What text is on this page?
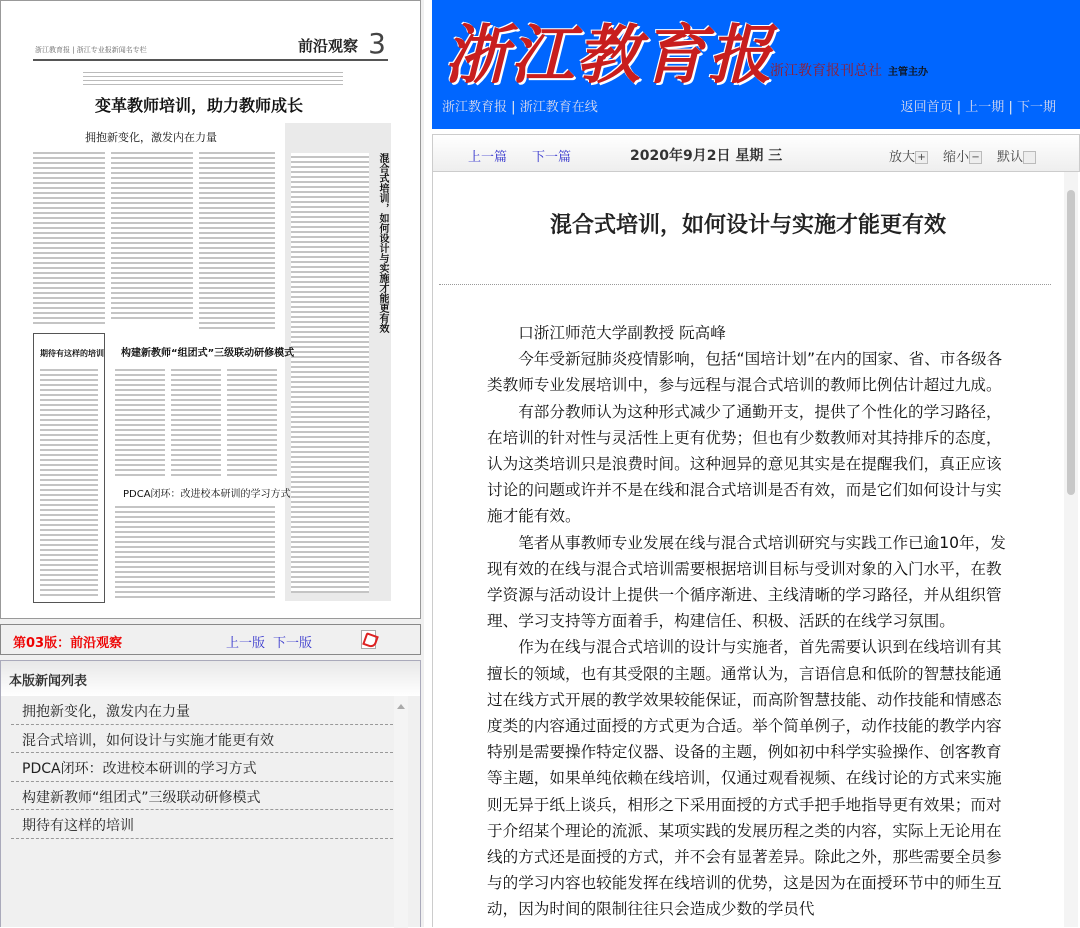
浙江教育报 | 浙江专业报新闻名专栏	前沿观察 3
变革教师培训，助力教师成长
拥抱新变化，激发内在力量
混合式培训，如何设计与实施才能更有效
期待有这样的培训 构建新教师“组团式”三级联动研修模式
PDCA闭环：改进校本研训的学习方式
第03版：前沿观察	上一版 下一版
本版新闻列表
拥抱新变化，激发内在力量
混合式培训，如何设计与实施才能更有效
PDCA闭环：改进校本研训的学习方式
构建新教师“组团式”三级联动研修模式
期待有这样的培训
浙江教育报
浙江教育报刊总社 主管主办
浙江教育报 | 浙江教育在线	返回首页 | 上一期 | 下一期
上一篇 下一篇	2020年9月2日 星期 三	放大 + 缩小 − 默认
混合式培训，如何设计与实施才能更有效

口浙江师范大学副教授 阮高峰

今年受新冠肺炎疫情影响，包括“国培计划”在内的国家、省、市各级各类教师专业发展培训中，参与远程与混合式培训的教师比例估计超过九成。

有部分教师认为这种形式减少了通勤开支，提供了个性化的学习路径，在培训的针对性与灵活性上更有优势；但也有少数教师对其持排斥的态度，认为这类培训只是浪费时间。这种迥异的意见其实是在提醒我们，真正应该讨论的问题或许并不是在线和混合式培训是否有效，而是它们如何设计与实施才能有效。

笔者从事教师专业发展在线与混合式培训研究与实践工作已逾10年，发现有效的在线与混合式培训需要根据培训目标与受训对象的入门水平，在教学资源与活动设计上提供一个循序渐进、主线清晰的学习路径，并从组织管理、学习支持等方面着手，构建信任、积极、活跃的在线学习氛围。

作为在线与混合式培训的设计与实施者，首先需要认识到在线培训有其擅长的领域，也有其受限的主题。通常认为，言语信息和低阶的智慧技能通过在线方式开展的教学效果较能保证，而高阶智慧技能、动作技能和情感态度类的内容通过面授的方式更为合适。举个简单例子，动作技能的教学内容特别是需要操作特定仪器、设备的主题，例如初中科学实验操作、创客教育等主题，如果单纯依赖在线培训，仅通过观看视频、在线讨论的方式来实施则无异于纸上谈兵，相形之下采用面授的方式手把手地指导更有效果；而对于介绍某个理论的流派、某项实践的发展历程之类的内容，实际上无论用在线的方式还是面授的方式，并不会有显著差异。除此之外，那些需要全员参与的学习内容也较能发挥在线培训的优势，这是因为在面授环节中的师生互动，因为时间的限制往往只会造成少数的学员代
